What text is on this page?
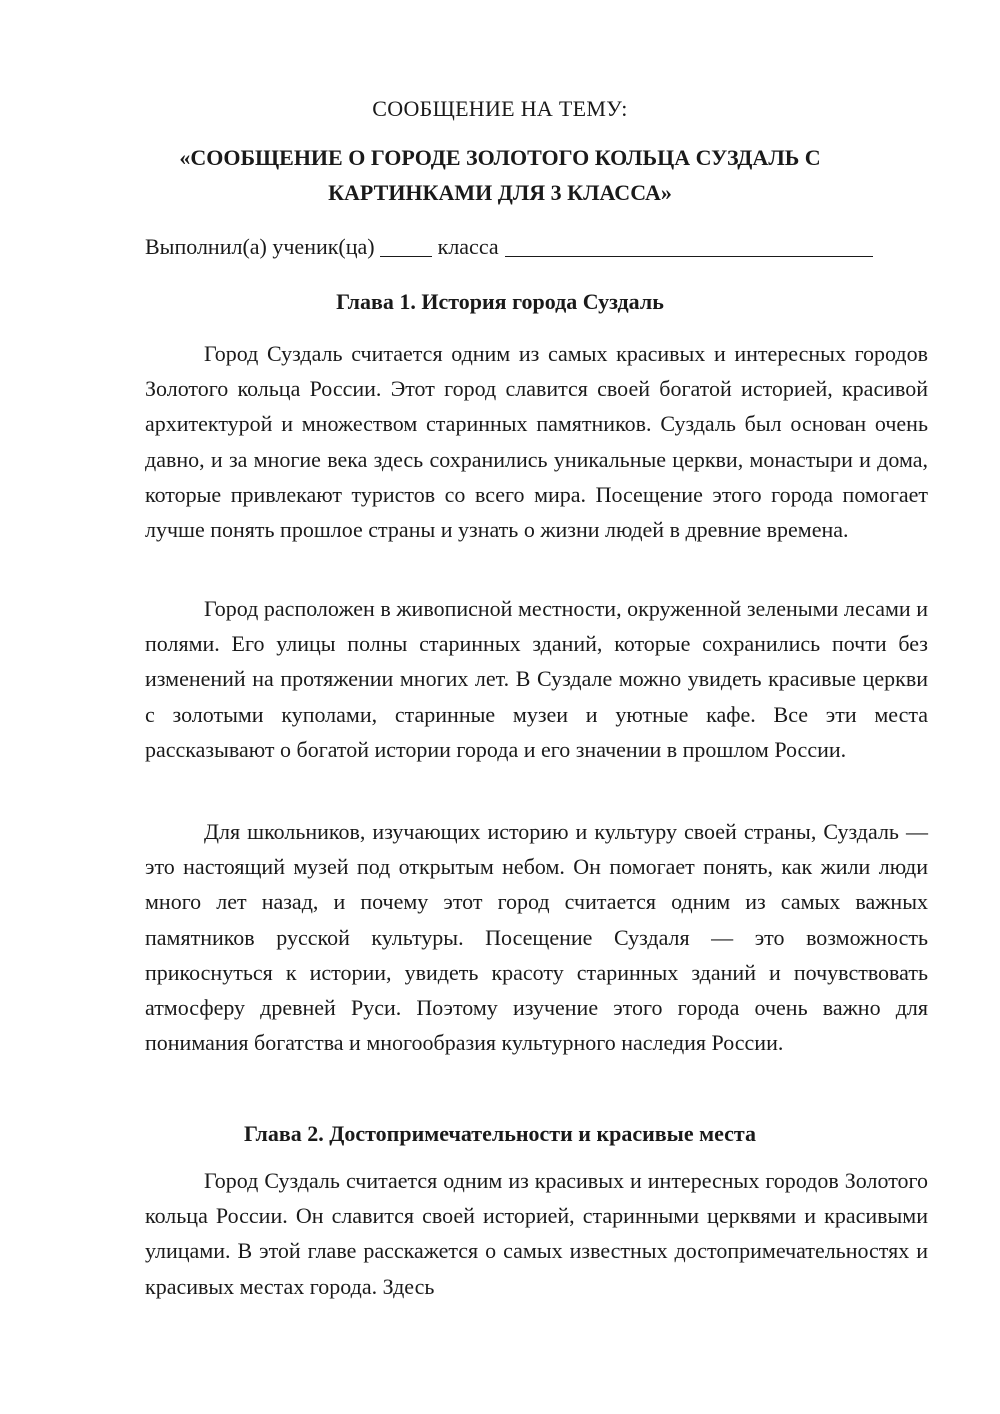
СООБЩЕНИЕ НА ТЕМУ:
«СООБЩЕНИЕ О ГОРОДЕ ЗОЛОТОГО КОЛЬЦА СУЗДАЛЬ С КАРТИНКАМИ ДЛЯ 3 КЛАССА»
Выполнил(а) ученик(ца)	класса
Глава 1. История города Суздаль

Город Суздаль считается одним из самых красивых и интересных городов Золотого кольца России. Этот город славится своей богатой историей, красивой архитектурой и множеством старинных памятников. Суздаль был основан очень давно, и за многие века здесь сохранились уникальные церкви, монастыри и дома, которые привлекают туристов со всего мира. Посещение этого города помогает лучше понять прошлое страны и узнать о жизни людей в древние времена.

Город расположен в живописной местности, окруженной зелеными лесами и полями. Его улицы полны старинных зданий, которые сохранились почти без изменений на протяжении многих лет. В Суздале можно увидеть красивые церкви с золотыми куполами, старинные музеи и уютные кафе. Все эти места рассказывают о богатой истории города и его значении в прошлом России.

Для школьников, изучающих историю и культуру своей страны, Суздаль — это настоящий музей под открытым небом. Он помогает понять, как жили люди много лет назад, и почему этот город считается одним из самых важных памятников русской культуры. Посещение Суздаля — это возможность прикоснуться к истории, увидеть красоту старинных зданий и почувствовать атмосферу древней Руси. Поэтому изучение этого города очень важно для понимания богатства и многообразия культурного наследия России.

Глава 2. Достопримечательности и красивые места

Город Суздаль считается одним из красивых и интересных городов Золотого кольца России. Он славится своей историей, старинными церквями и красивыми улицами. В этой главе расскажется о самых известных достопримечательностях и красивых местах города. Здесь
